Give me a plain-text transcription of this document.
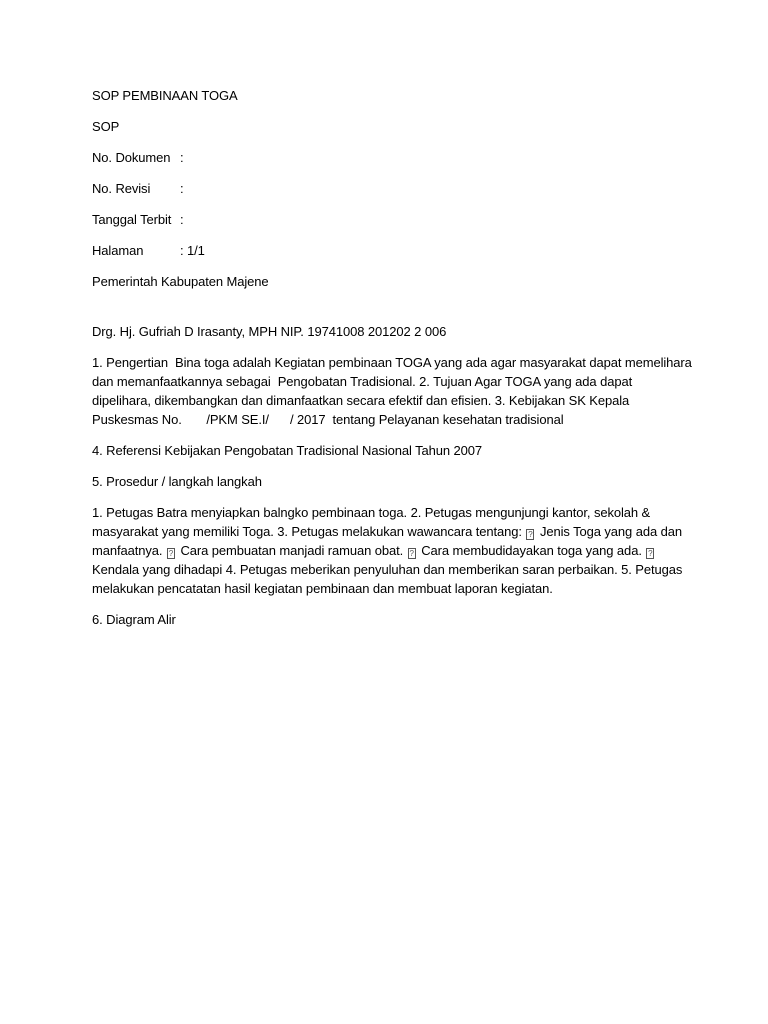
SOP PEMBINAAN TOGA

SOP

No. Dokumen :
No. Revisi	:
Tanggal Terbit :
Halaman	: 1/1

Pemerintah Kabupaten Majene

Drg. Hj. Gufriah D Irasanty, MPH NIP. 19741008 201202 2 006

1. Pengertian  Bina toga adalah Kegiatan pembinaan TOGA yang ada agar masyarakat dapat memelihara dan memanfaatkannya sebagai  Pengobatan Tradisional. 2. Tujuan Agar TOGA yang ada dapat dipelihara, dikembangkan dan dimanfaatkan secara efektif dan efisien. 3. Kebijakan SK Kepala Puskesmas No.       /PKM SE.I/      / 2017  tentang Pelayanan kesehatan tradisional

4. Referensi Kebijakan Pengobatan Tradisional Nasional Tahun 2007

5. Prosedur / langkah langkah

1. Petugas Batra menyiapkan balngko pembinaan toga. 2. Petugas mengunjungi kantor, sekolah & masyarakat yang memiliki Toga. 3. Petugas melakukan wawancara tentang: ? Jenis Toga yang ada dan manfaatnya. ? Cara pembuatan manjadi ramuan obat. ? Cara membudidayakan toga yang ada. ? Kendala yang dihadapi 4. Petugas meberikan penyuluhan dan memberikan saran perbaikan. 5. Petugas melakukan pencatatan hasil kegiatan pembinaan dan membuat laporan kegiatan.

6. Diagram Alir
